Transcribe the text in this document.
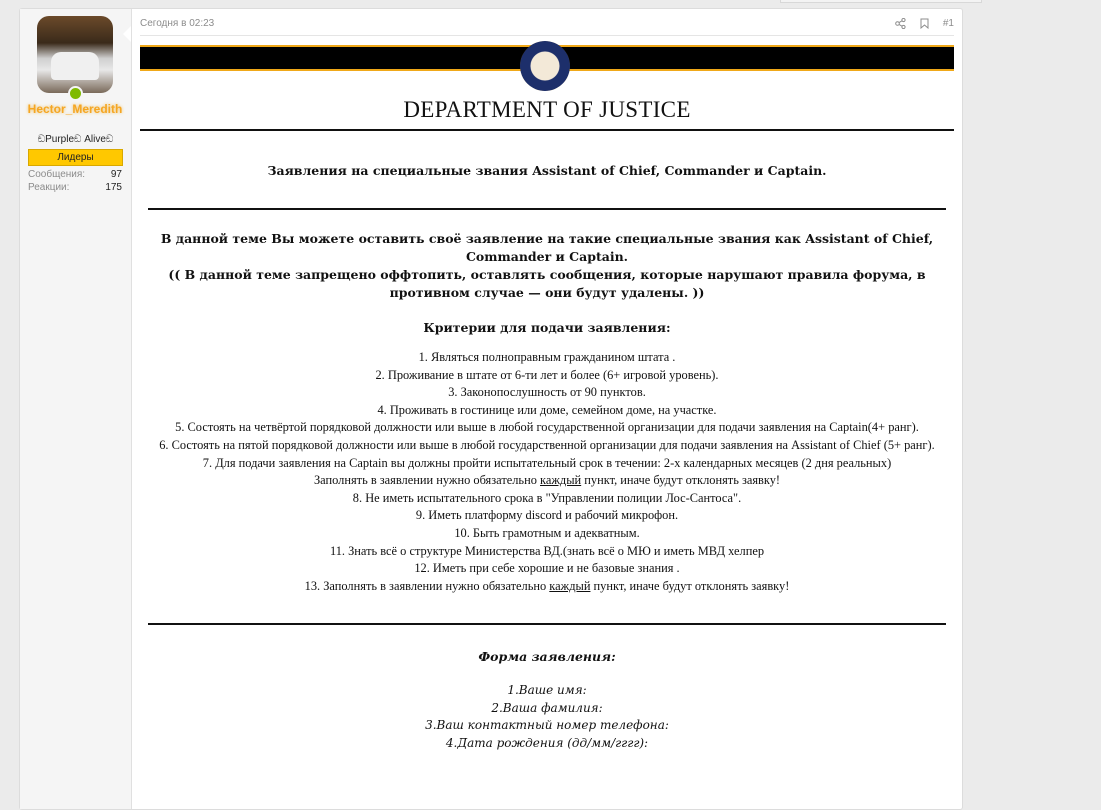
Hector_Meredith
ඞPurpleඞ Aliveඞ
Лидеры
Сообщения:	97
Реакции:	175
Сегодня в 02:23	#1
DEPARTMENT OF JUSTICE
Заявления на специальные звания Assistant of Chief, Commander и Captain.
В данной теме Вы можете оставить своё заявление на такие специальные звания как Assistant of Chief, Commander и Captain.
(( В данной теме запрещено оффтопить, оставлять сообщения, которые нарушают правила форума, в противном случае — они будут удалены. ))
Критерии для подачи заявления:
1. Являться полноправным гражданином штата .
2. Проживание в штате от 6-ти лет и более (6+ игровой уровень).
3. Законопослушность от 90 пунктов.
4. Проживать в гостинице или доме, семейном доме, на участке.
5. Состоять на четвёртой порядковой должности или выше в любой государственной организации для подачи заявления на Captain(4+ ранг).
6. Состоять на пятой порядковой должности или выше в любой государственной организации для подачи заявления на Assistant of Chief (5+ ранг).
7. Для подачи заявления на Captain вы должны пройти испытательный срок в течении: 2-х календарных месяцев (2 дня реальных)
Заполнять в заявлении нужно обязательно каждый пункт, иначе будут отклонять заявку!
8. Не иметь испытательного срока в "Управлении полиции Лос-Сантоса".
9. Иметь платформу discord и рабочий микрофон.
10. Быть грамотным и адекватным.
11. Знать всё о структуре Министерства ВД.(знать всё о МЮ и иметь МВД хелпер
12. Иметь при себе хорошие и не базовые знания .
13. Заполнять в заявлении нужно обязательно каждый пункт, иначе будут отклонять заявку!
Форма заявления:
1.Ваше имя:
2.Ваша фамилия:
3.Ваш контактный номер телефона:
4.Дата рождения (дд/мм/гггг):
